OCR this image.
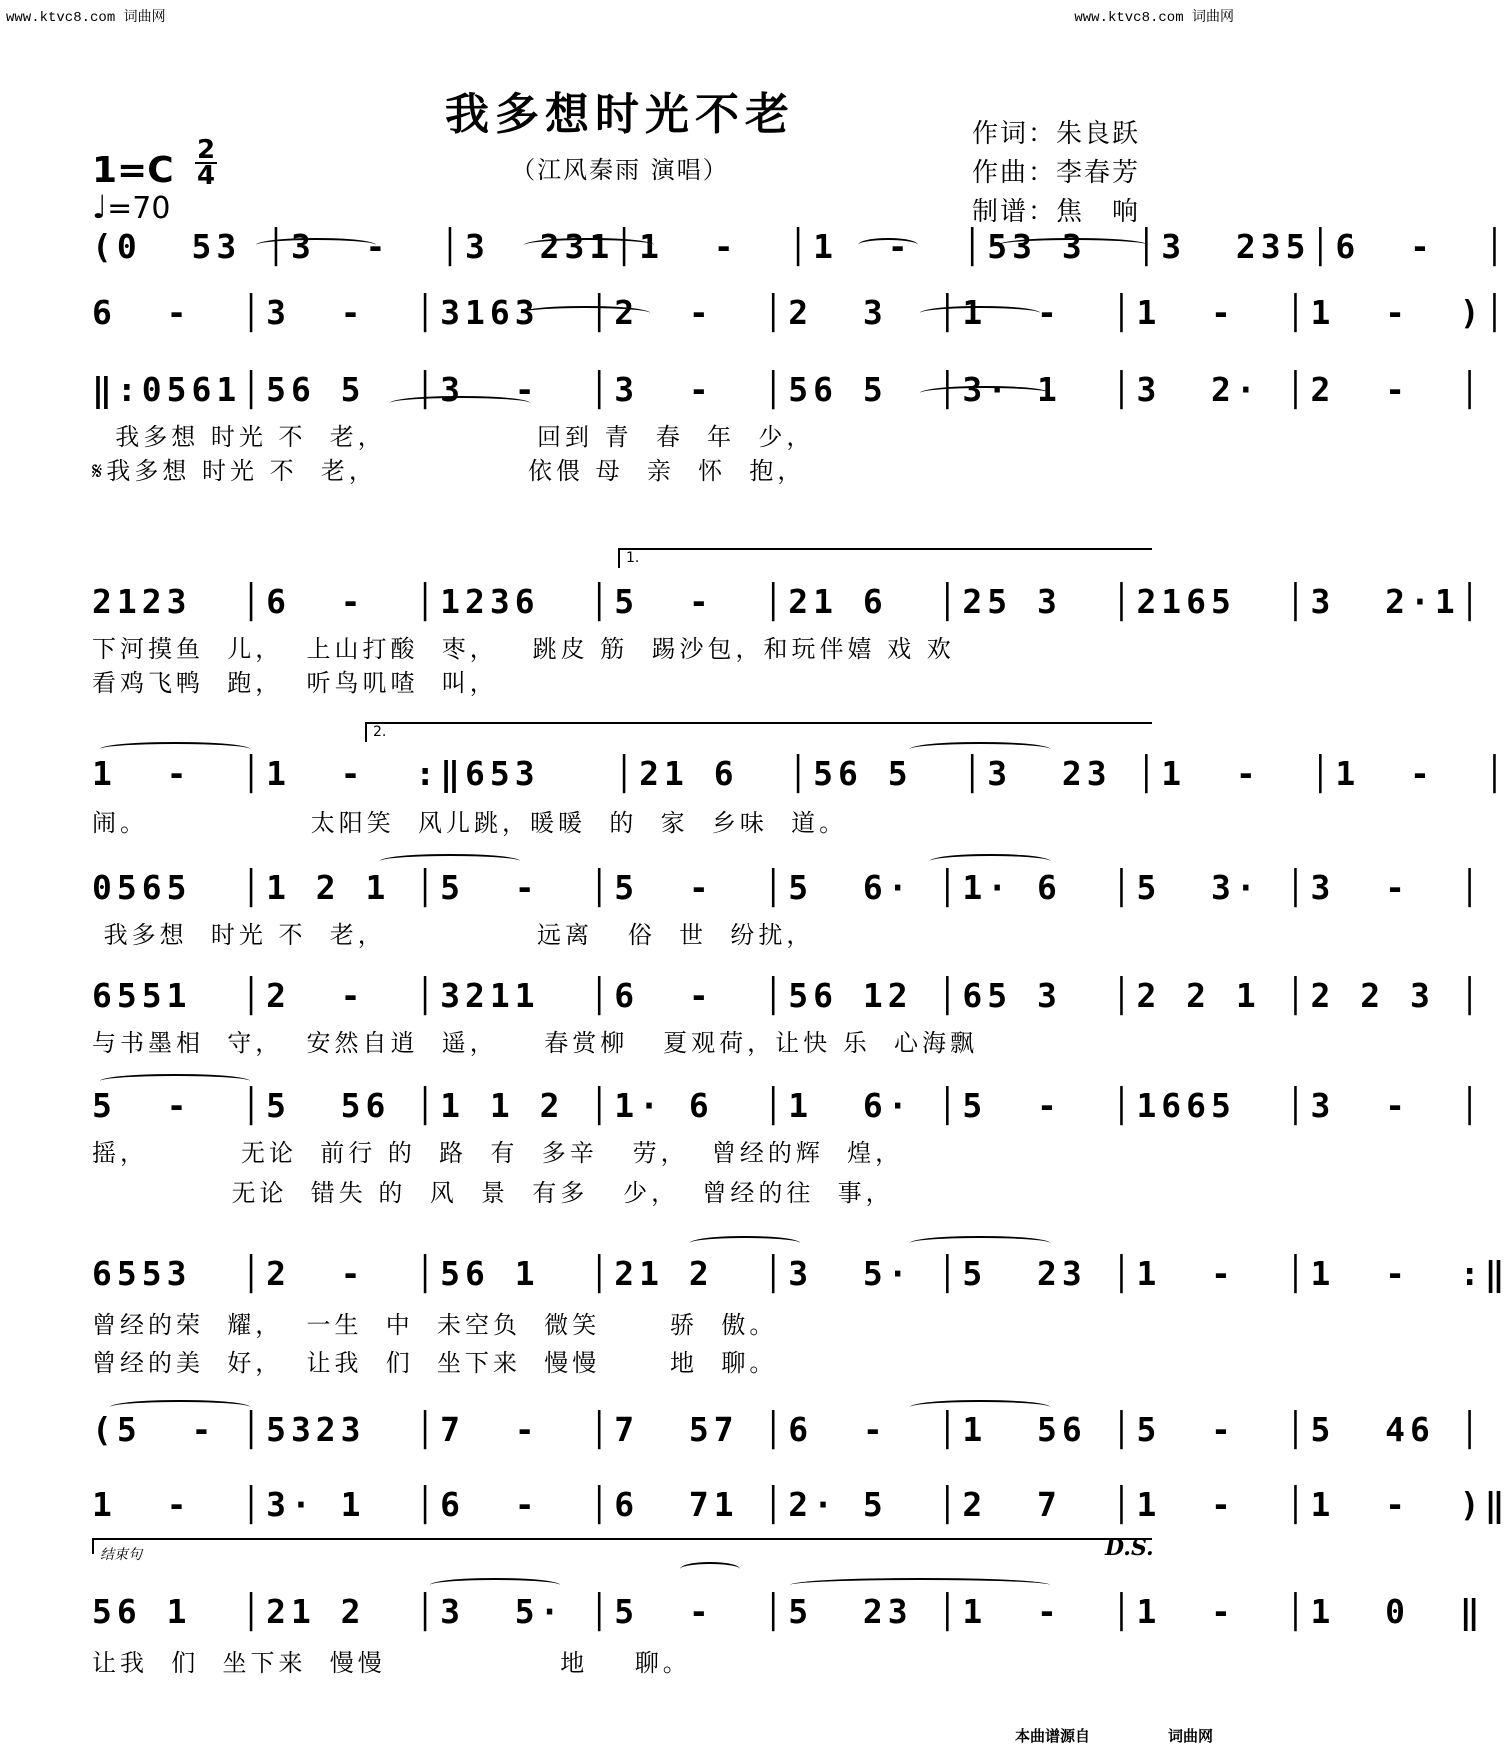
www.ktvc8.com 词曲网	www.ktvc8.com 词曲网
我多想时光不老
（江风秦雨 演唱）
作词：朱良跃
作曲：李春芳
制谱：焦　响
1=C 2
4
♩=70
(0  53 │3  -  │3  231│1  -  │1  -  │53 3  │3  235│6  -  │
6  -  │3  -  │3163  │2  -  │2  3  │1  -  │1  -  │1  -  )│
‖:0561│56 5  │3  -  │3  -  │56 5  │3· 1  │3  2· │2  -  │
我多想 时光 不  老，             回到 青  春  年  少，
𝄋我多想 时光 不  老，             依偎 母  亲  怀  抱，
1.
2123  │6  -  │1236  │5  -  │21 6  │25 3  │2165  │3  2·1│
下河摸鱼  儿，  上山打酸  枣，   跳皮 筋  踢沙包，和玩伴嬉 戏 欢
看鸡飞鸭  跑，  听鸟叽喳  叫，
2.
1  -  │1  -  :‖653   │21 6  │56 5  │3  23 │1  -  │1  -  │
闹。              太阳笑  风儿跳，暖暖  的  家  乡味  道。
0565  │1 2 1 │5  -  │5  -  │5  6· │1· 6  │5  3· │3  -  │
我多想  时光 不  老，             远离   俗  世  纷扰，
6551  │2  -  │3211  │6  -  │56 12 │65 3  │2 2 1 │2 2 3 │
与书墨相  守，  安然自逍  遥，    春赏柳   夏观荷，让快 乐  心海飘
5  -  │5  56 │1 1 2 │1· 6  │1  6· │5  -  │1665  │3  -  │
摇，        无论  前行 的  路  有  多辛   劳，  曾经的辉  煌，
无论  错失 的  风  景  有多   少，  曾经的往  事，
6553  │2  -  │56 1  │21 2  │3  5· │5  23 │1  -  │1  -  :‖
曾经的荣  耀，  一生  中  未空负  微笑      骄  傲。
曾经的美  好，  让我  们  坐下来  慢慢      地  聊。
(5  - │5323  │7  -  │7  57 │6  -  │1  56 │5  -  │5  46 │
1  -  │3· 1  │6  -  │6  71 │2· 5  │2  7  │1  -  │1  -  )‖
结束句	D.S.
56 1  │21 2  │3  5· │5  -  │5  23 │1  -  │1  -  │1  0  ‖
让我  们  坐下来  慢慢               地    聊。
本曲谱源自	词曲网
